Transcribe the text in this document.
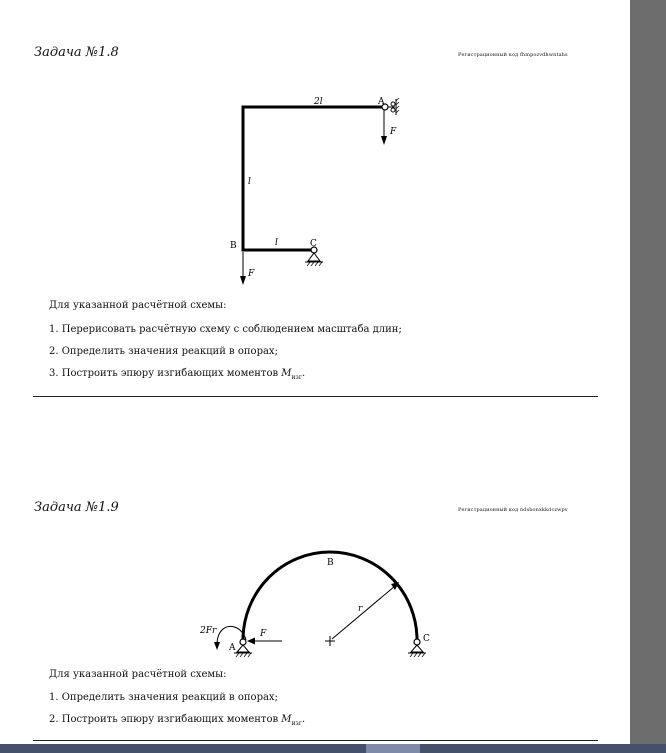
Задача №1.8	Регистрационный код fhmpozvdhwntahs
2l	A
F
l
l	C
B
F
Для указанной расчётной схемы:
1. Перерисовать расчётную схему с соблюдением масштаба длин;
2. Определить значения реакций в опорах;
3. Построить эпюру изгибающих моментов $M_{изг}$.
Задача №1.9	Регистрационный код ndsbonxkkdczwpv
B
r
2Fr	F
A
C
Для указанной расчётной схемы:
1. Определить значения реакций в опорах;
2. Построить эпюру изгибающих моментов $M_{изг}$.
